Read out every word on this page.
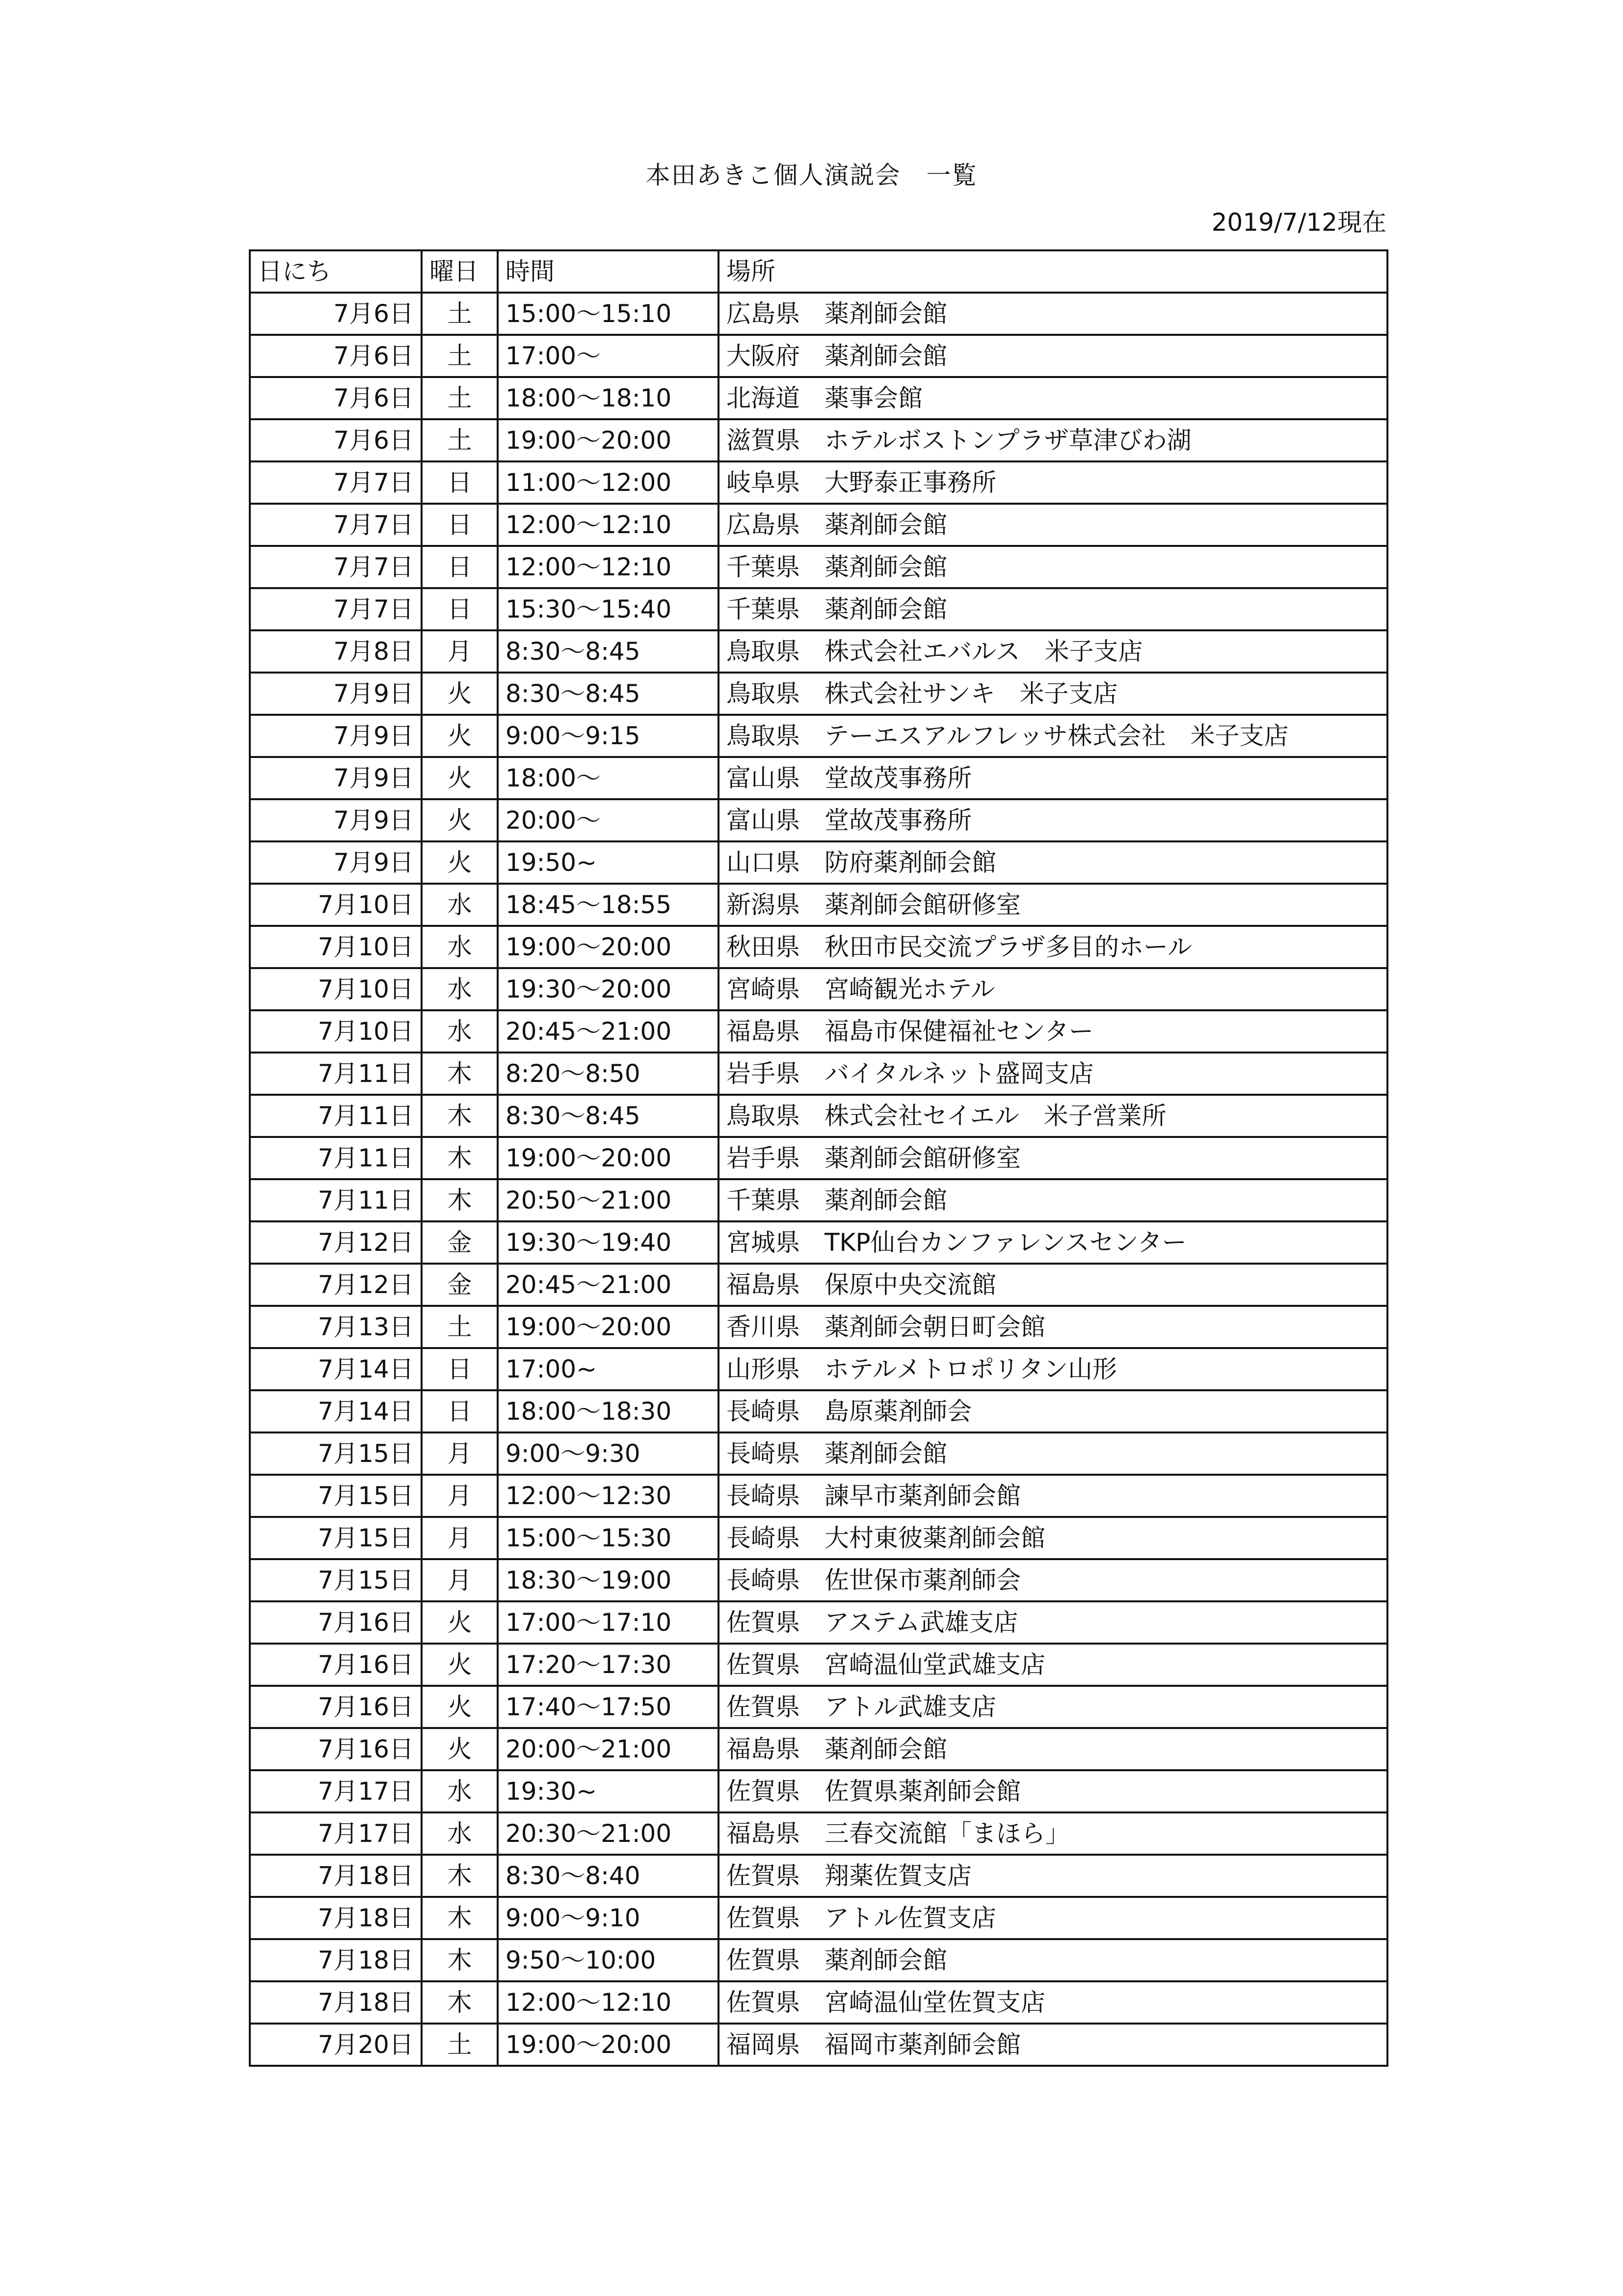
本田あきこ個人演説会　一覧
2019/7/12現在
日にち	曜日	時間	場所
7月6日	土	15:00～15:10	広島県 薬剤師会館
7月6日	土	17:00～	大阪府 薬剤師会館
7月6日	土	18:00～18:10	北海道 薬事会館
7月6日	土	19:00～20:00	滋賀県 ホテルボストンプラザ草津びわ湖
7月7日	日	11:00～12:00	岐阜県 大野泰正事務所
7月7日	日	12:00～12:10	広島県 薬剤師会館
7月7日	日	12:00～12:10	千葉県 薬剤師会館
7月7日	日	15:30～15:40	千葉県 薬剤師会館
7月8日	月	8:30～8:45	鳥取県 株式会社エバルス　米子支店
7月9日	火	8:30～8:45	鳥取県 株式会社サンキ　米子支店
7月9日	火	9:00～9:15	鳥取県 テーエスアルフレッサ株式会社　米子支店
7月9日	火	18:00～	富山県 堂故茂事務所
7月9日	火	20:00～	富山県 堂故茂事務所
7月9日	火	19:50~	山口県 防府薬剤師会館
7月10日	水	18:45～18:55	新潟県 薬剤師会館研修室
7月10日	水	19:00～20:00	秋田県 秋田市民交流プラザ多目的ホール
7月10日	水	19:30～20:00	宮崎県 宮崎観光ホテル
7月10日	水	20:45～21:00	福島県 福島市保健福祉センター
7月11日	木	8:20～8:50	岩手県 バイタルネット盛岡支店
7月11日	木	8:30～8:45	鳥取県 株式会社セイエル　米子営業所
7月11日	木	19:00～20:00	岩手県 薬剤師会館研修室
7月11日	木	20:50～21:00	千葉県 薬剤師会館
7月12日	金	19:30～19:40	宮城県 TKP仙台カンファレンスセンター
7月12日	金	20:45～21:00	福島県 保原中央交流館
7月13日	土	19:00～20:00	香川県 薬剤師会朝日町会館
7月14日	日	17:00~	山形県 ホテルメトロポリタン山形
7月14日	日	18:00～18:30	長崎県 島原薬剤師会
7月15日	月	9:00～9:30	長崎県 薬剤師会館
7月15日	月	12:00～12:30	長崎県 諫早市薬剤師会館
7月15日	月	15:00～15:30	長崎県 大村東彼薬剤師会館
7月15日	月	18:30～19:00	長崎県 佐世保市薬剤師会
7月16日	火	17:00～17:10	佐賀県 アステム武雄支店
7月16日	火	17:20～17:30	佐賀県 宮崎温仙堂武雄支店
7月16日	火	17:40～17:50	佐賀県 アトル武雄支店
7月16日	火	20:00～21:00	福島県 薬剤師会館
7月17日	水	19:30~	佐賀県 佐賀県薬剤師会館
7月17日	水	20:30～21:00	福島県 三春交流館「まほら」
7月18日	木	8:30～8:40	佐賀県 翔薬佐賀支店
7月18日	木	9:00～9:10	佐賀県 アトル佐賀支店
7月18日	木	9:50～10:00	佐賀県 薬剤師会館
7月18日	木	12:00～12:10	佐賀県 宮崎温仙堂佐賀支店
7月20日	土	19:00～20:00	福岡県 福岡市薬剤師会館
